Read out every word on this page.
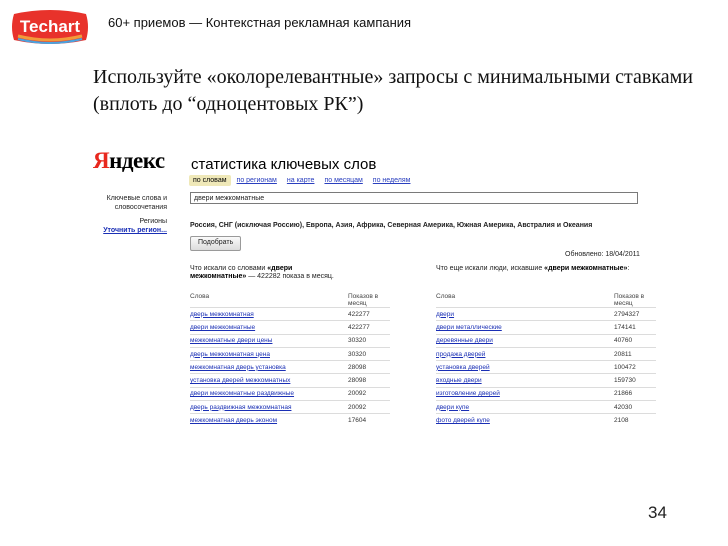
Techart 60+ приемов — Контекстная рекламная кампания
Используйте «околорелевантные» запросы с минимальными ставками (вплоть до “одноцентовых РК”)
Яндекс статистика ключевых слов
по словам	по регионам	на карте	по месяцам	по неделям
Ключевые слова и
словосочетания
Регионы
Уточнить регион...
двери межкомнатные
Россия, СНГ (исключая Россию), Европа, Азия, Африка, Северная Америка, Южная Америка, Австралия и Океания
Подобрать
Обновлено: 18/04/2011
Что искали со словами «двери межкомнатные» — 422282 показа в месяц.
Что еще искали люди, искавшие «двери межкомнатные»:
Слова	Показов в месяц
дверь межкомнатная	422277
двери межкомнатные	422277
межкомнатные двери цены	30320
дверь межкомнатная цена	30320
межкомнатная дверь установка	28098
установка дверей межкомнатных	28098
двери межкомнатные раздвижные	20092
дверь раздвижная межкомнатная	20092
межкомнатная дверь эконом	17604
Слова	Показов в месяц
двери	2794327
двери металлические	174141
деревянные двери	40760
продажа дверей	20811
установка дверей	100472
входные двери	159730
изготовление дверей	21866
двери купе	42030
фото дверей купе	2108
34
